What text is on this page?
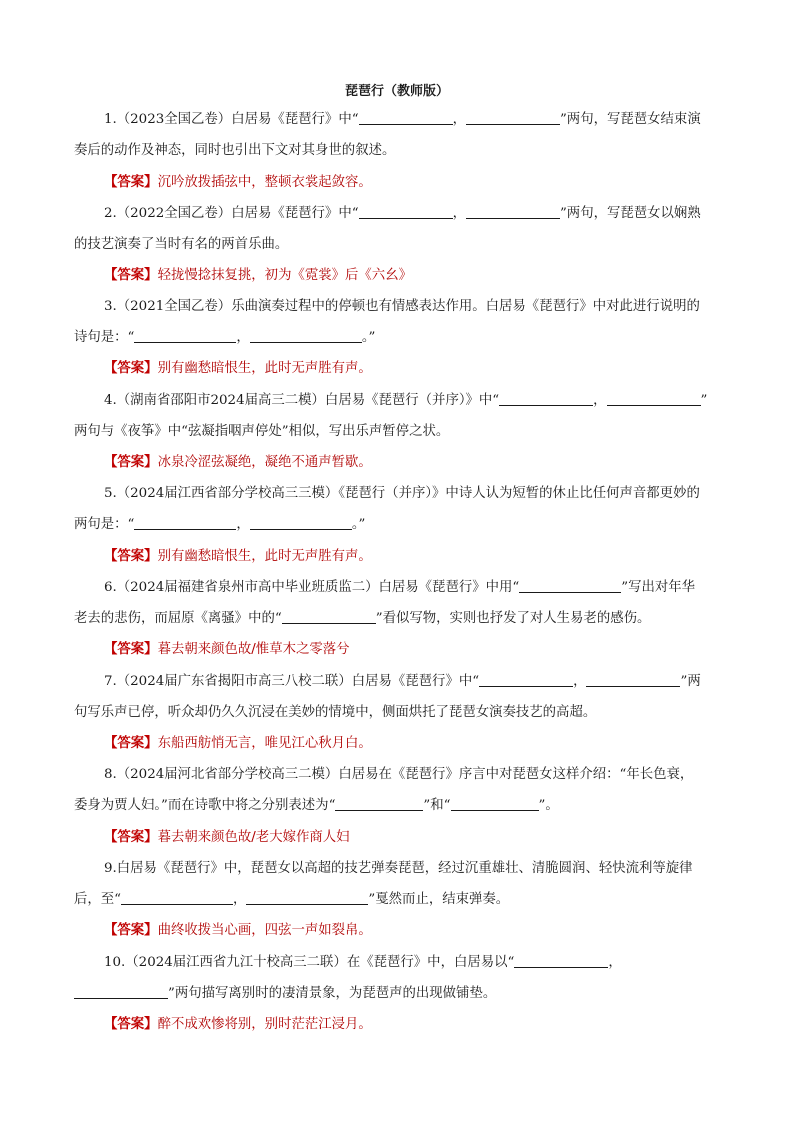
琵琶行（教师版）
1.（2023全国乙卷）白居易《琵琶行》中“	，	”两句，写琵琶女结束演
奏后的动作及神态，同时也引出下文对其身世的叙述。
【答案】沉吟放拨插弦中，整顿衣裳起敛容。
2.（2022全国乙卷）白居易《琵琶行》中“	，	”两句，写琵琶女以娴熟
的技艺演奏了当时有名的两首乐曲。
【答案】轻拢慢捻抹复挑，初为《霓裳》后《六幺》
3.（2021全国乙卷）乐曲演奏过程中的停顿也有情感表达作用。白居易《琵琶行》中对此进行说明的
诗句是：“	，	。”
【答案】别有幽愁暗恨生，此时无声胜有声。
4.（湖南省邵阳市2024届高三二模）白居易《琵琶行（并序）》中“	，	”
两句与《夜筝》中“弦凝指咽声停处”相似，写出乐声暂停之状。
【答案】冰泉冷涩弦凝绝，凝绝不通声暂歇。
5.（2024届江西省部分学校高三三模）《琵琶行（并序）》中诗人认为短暂的休止比任何声音都更妙的
两句是：“	，	。”
【答案】别有幽愁暗恨生，此时无声胜有声。
6.（2024届福建省泉州市高中毕业班质监二）白居易《琵琶行》中用“	”写出对年华
老去的悲伤，而屈原《离骚》中的“	”看似写物，实则也抒发了对人生易老的感伤。
【答案】暮去朝来颜色故/惟草木之零落兮
7.（2024届广东省揭阳市高三八校二联）白居易《琵琶行》中“	，	”两
句写乐声已停，听众却仍久久沉浸在美妙的情境中，侧面烘托了琵琶女演奏技艺的高超。
【答案】东船西舫悄无言，唯见江心秋月白。
8.（2024届河北省部分学校高三二模）白居易在《琵琶行》序言中对琵琶女这样介绍：“年长色衰，
委身为贾人妇。”而在诗歌中将之分别表述为“	”和“	”。
【答案】暮去朝来颜色故/老大嫁作商人妇
9.白居易《琵琶行》中，琵琶女以高超的技艺弹奏琵琶，经过沉重雄壮、清脆圆润、轻快流利等旋律
后，至“	，	”戛然而止，结束弹奏。
【答案】曲终收拨当心画，四弦一声如裂帛。
10.（2024届江西省九江十校高三二联）在《琵琶行》中，白居易以“	，
”两句描写离别时的凄清景象，为琵琶声的出现做铺垫。
【答案】醉不成欢惨将别，别时茫茫江浸月。
